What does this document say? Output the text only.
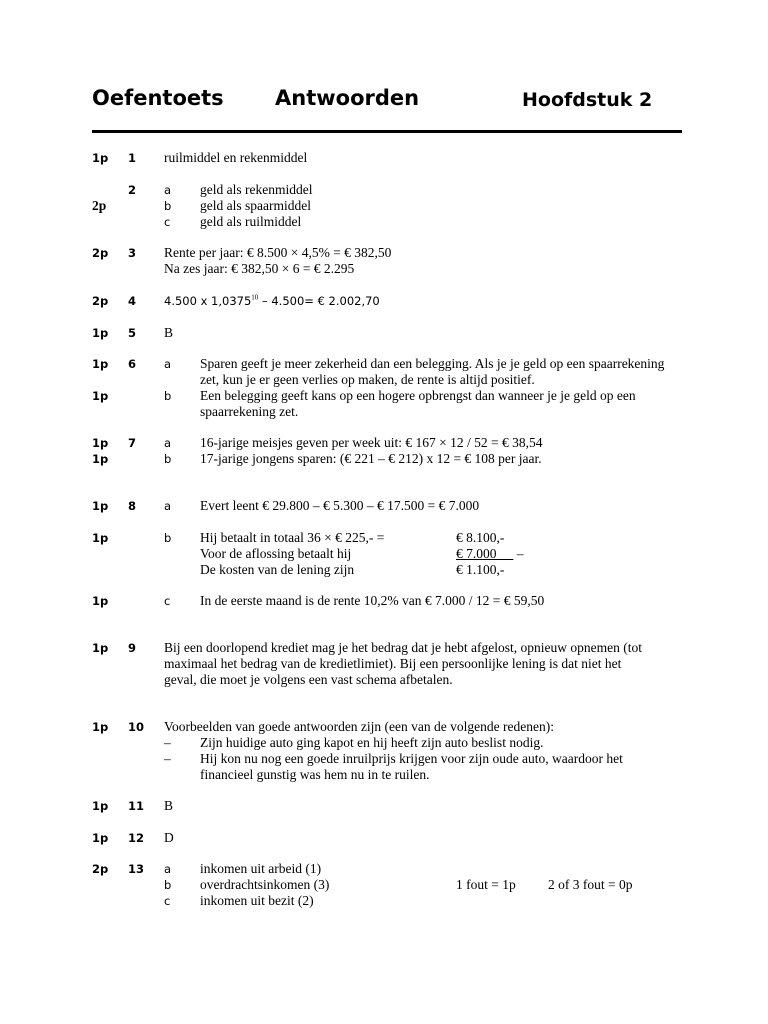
Oefentoets Antwoorden	Hoofdstuk 2
1p 1 ruilmiddel en rekenmiddel
2 a geld als rekenmiddel
2p	b geld als spaarmiddel
c geld als ruilmiddel
2p 3 Rente per jaar: € 8.500 × 4,5% = € 382,50
Na zes jaar: € 382,50 × 6 = € 2.295
2p 4 4.500 x 1,0375$^{10}$ – 4.500= € 2.002,70
1p 5 B
1p 6 a Sparen geeft je meer zekerheid dan een belegging. Als je je geld op een spaarrekening
zet, kun je er geen verlies op maken, de rente is altijd positief.
1p	b Een belegging geeft kans op een hogere opbrengst dan wanneer je je geld op een
spaarrekening zet.
1p 7 a 16-jarige meisjes geven per week uit: € 167 × 12 / 52 = € 38,54
1p	b 17-jarige jongens sparen: (€ 221 – € 212) x 12 = € 108 per jaar.
1p 8 a Evert leent € 29.800 – € 5.300 – € 17.500 = € 7.000
1p	b Hij betaalt in totaal 36 × € 225,- =	€ 8.100,-
Voor de aflossing betaalt hij	€ 7.000 –
De kosten van de lening zijn	€ 1.100,-
1p	c In de eerste maand is de rente 10,2% van € 7.000 / 12 = € 59,50
1p 9 Bij een doorlopend krediet mag je het bedrag dat je hebt afgelost, opnieuw opnemen (tot
maximaal het bedrag van de kredietlimiet). Bij een persoonlijke lening is dat niet het
geval, die moet je volgens een vast schema afbetalen.
1p 10 Voorbeelden van goede antwoorden zijn (een van de volgende redenen):
– Zijn huidige auto ging kapot en hij heeft zijn auto beslist nodig.
– Hij kon nu nog een goede inruilprijs krijgen voor zijn oude auto, waardoor het
financieel gunstig was hem nu in te ruilen.
1p 11 B
1p 12 D
2p 13 a inkomen uit arbeid (1)
b overdrachtsinkomen (3)	1 fout = 1p 2 of 3 fout = 0p
c inkomen uit bezit (2)
